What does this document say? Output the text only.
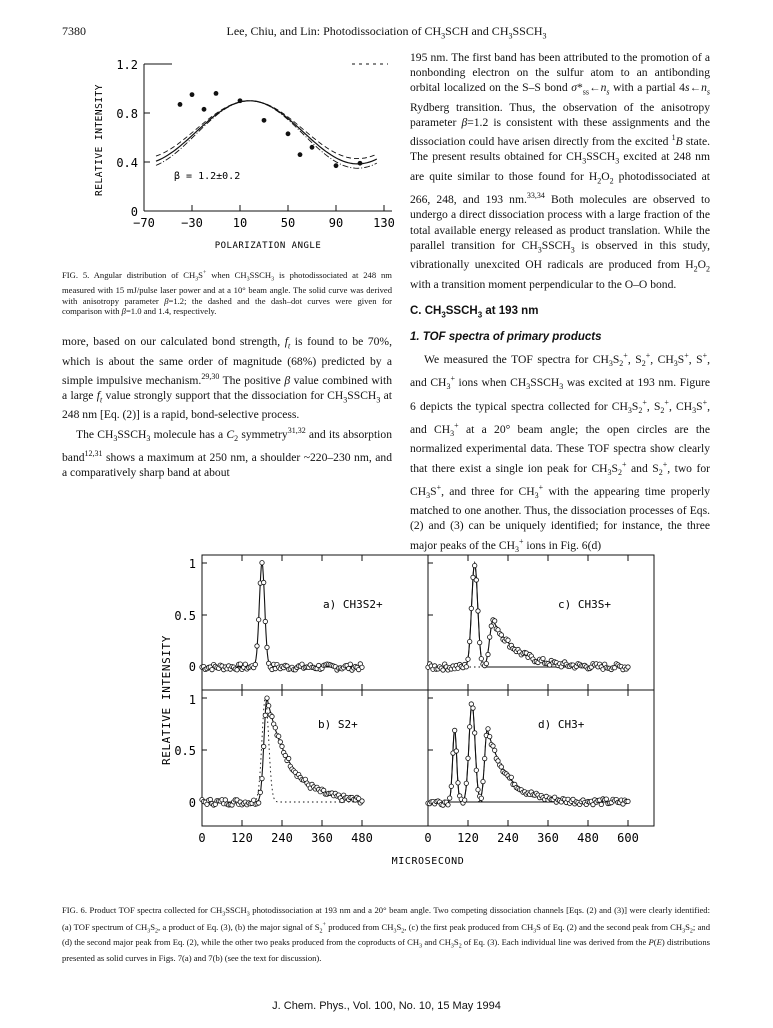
7380	Lee, Chiu, and Lin: Photodissociation of $CH_3SCH$ and $CH_3SSCH_3$
1.2
0.8
0.4
0
−70 −30 10	50	90 130
POLARIZATION ANGLE
RELATIVE INTENSITY	β = 1.2±0.2
FIG. 5. Angular distribution of $CH_3S^+$ when $CH_3SSCH_3$ is photodissociated at 248 nm measured with 15 mJ/pulse laser power and at a 10° beam angle. The solid curve was derived with anisotropy parameter β=1.2; the dashed and the dash–dot curves were given for comparison with β=1.0 and 1.4, respectively.

more, based on our calculated bond strength, $f_t$ is found to be 70%, which is about the same order of magnitude (68%) predicted by a simple impulsive mechanism.$^{29,30}$ The positive β value combined with a large $f_t$ value strongly support that the dissociation for $CH_3SSCH_3$ at 248 nm [Eq. (2)] is a rapid, bond-selective process.

The $CH_3SSCH_3$ molecule has a $C_2$ symmetry$^{31,32}$ and its absorption band$^{12,31}$ shows a maximum at 250 nm, a shoulder ~220–230 nm, and a comparatively sharp band at about

195 nm. The first band has been attributed to the promotion of a nonbonding electron on the sulfur atom to an antibonding orbital localized on the S–S bond $\sigma*_{ss}\leftarrow n_s$ with a partial $4s\leftarrow n_s$ Rydberg transition. Thus, the observation of the anisotropy parameter β=1.2 is consistent with these assignments and the dissociation could have arisen directly from the excited $^1$B state. The present results obtained for $CH_3SSCH_3$ excited at 248 nm are quite similar to those found for $H_2O_2$ photodissociated at 266, 248, and 193 nm.$^{33,34}$ Both molecules are observed to undergo a direct dissociation process with a large fraction of the total available energy released as product translation. While the parallel transition for $CH_3SSCH_3$ is observed in this study, vibrationally unexcited OH radicals are produced from $H_2O_2$ with a transition moment perpendicular to the O–O bond.

C. $CH_3SSCH_3$ at 193 nm
1. TOF spectra of primary products

We measured the TOF spectra for $CH_3S_2^+$, $S_2^+$, $CH_3S^+$, S+, and $CH_3^+$ ions when $CH_3SSCH_3$ was excited at 193 nm. Figure 6 depicts the typical spectra collected for $CH_3S_2^+$, $S_2^+$, $CH_3S^+$, and $CH_3^+$ at a 20° beam angle; the open circles are the normalized experimental data. These TOF spectra show clearly that there exist a single ion peak for $CH_3S_2^+$ and $S_2^+$, two for $CH_3S^+$, and three for $CH_3^+$ with the appearing time properly matched to one another. Thus, the dissociation processes of Eqs. (2) and (3) can be uniquely identified; for instance, the three major peaks of the $CH_3^+$ ions in Fig. 6(d)

1
0.5
0
1
0.5
0
0 120 240 360 480	0 120 240 360 480 600
a) CH3S2+
b) S2+
c) CH3S+
d) CH3+
RELATIVE INTENSITY
MICROSECOND
FIG. 6. Product TOF spectra collected for $CH_3SSCH_3$ photodissociation at 193 nm and a 20° beam angle. Two competing dissociation channels [Eqs. (2) and (3)] were clearly identified: (a) TOF spectrum of $CH_3S_2$, a product of Eq. (3), (b) the major signal of $S_2^+$ produced from $CH_3S_2$, (c) the first peak produced from $CH_3S$ of Eq. (2) and the second peak from $CH_3S_2$; and (d) the second major peak from Eq. (2), while the other two peaks produced from the coproducts of $CH_3$ and $CH_3S_2$ of Eq. (3). Each individual line was derived from the P(E) distributions presented as solid curves in Figs. 7(a) and 7(b) (see the text for discussion).
J. Chem. Phys., Vol. 100, No. 10, 15 May 1994
